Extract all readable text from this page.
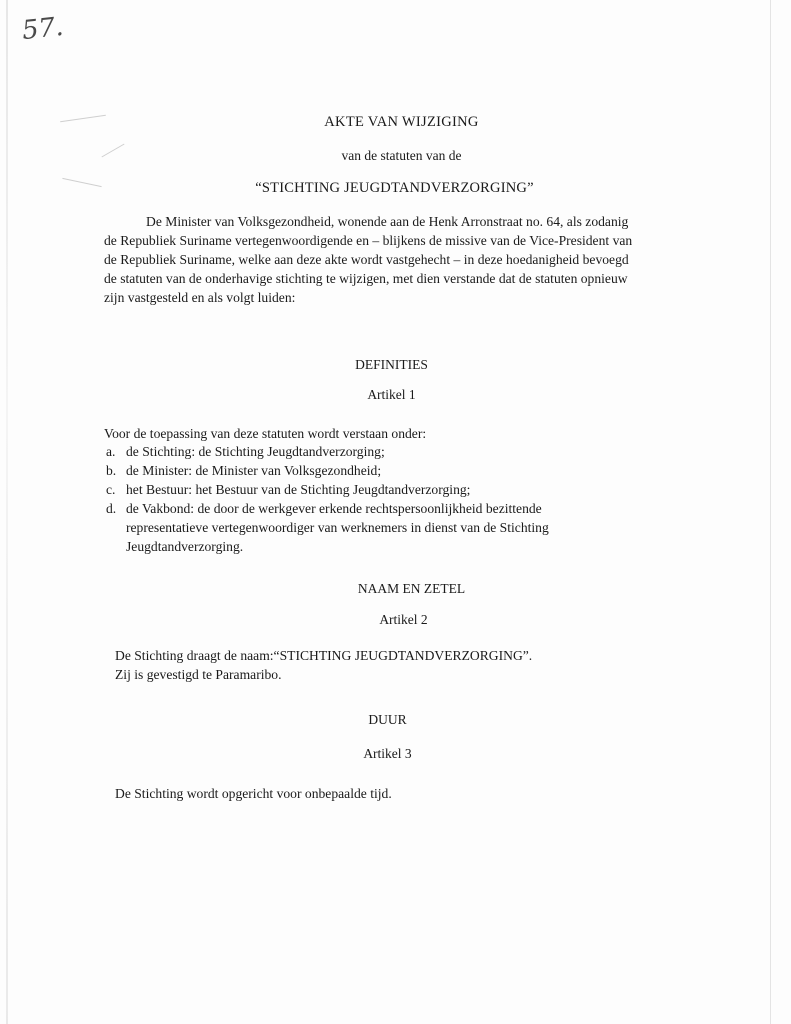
57.
AKTE VAN WIJZIGING
van de statuten van de
“STICHTING JEUGDTANDVERZORGING”
De Minister van Volksgezondheid, wonende aan de Henk Arronstraat no. 64, als zodanig
de Republiek Suriname vertegenwoordigende en – blijkens de missive van de Vice-President van
de Republiek Suriname, welke aan deze akte wordt vastgehecht – in deze hoedanigheid bevoegd
de statuten van de onderhavige stichting te wijzigen, met dien verstande dat de statuten opnieuw
zijn vastgesteld en als volgt luiden:
DEFINITIES
Artikel 1
Voor de toepassing van deze statuten wordt verstaan onder:
a. de Stichting: de Stichting Jeugdtandverzorging;
b. de Minister: de Minister van Volksgezondheid;
c. het Bestuur: het Bestuur van de Stichting Jeugdtandverzorging;
d. de Vakbond: de door de werkgever erkende rechtspersoonlijkheid bezittende
representatieve vertegenwoordiger van werknemers in dienst van de Stichting
Jeugdtandverzorging.
NAAM EN ZETEL
Artikel 2
De Stichting draagt de naam:“STICHTING JEUGDTANDVERZORGING”.
Zij is gevestigd te Paramaribo.
DUUR
Artikel 3
De Stichting wordt opgericht voor onbepaalde tijd.
